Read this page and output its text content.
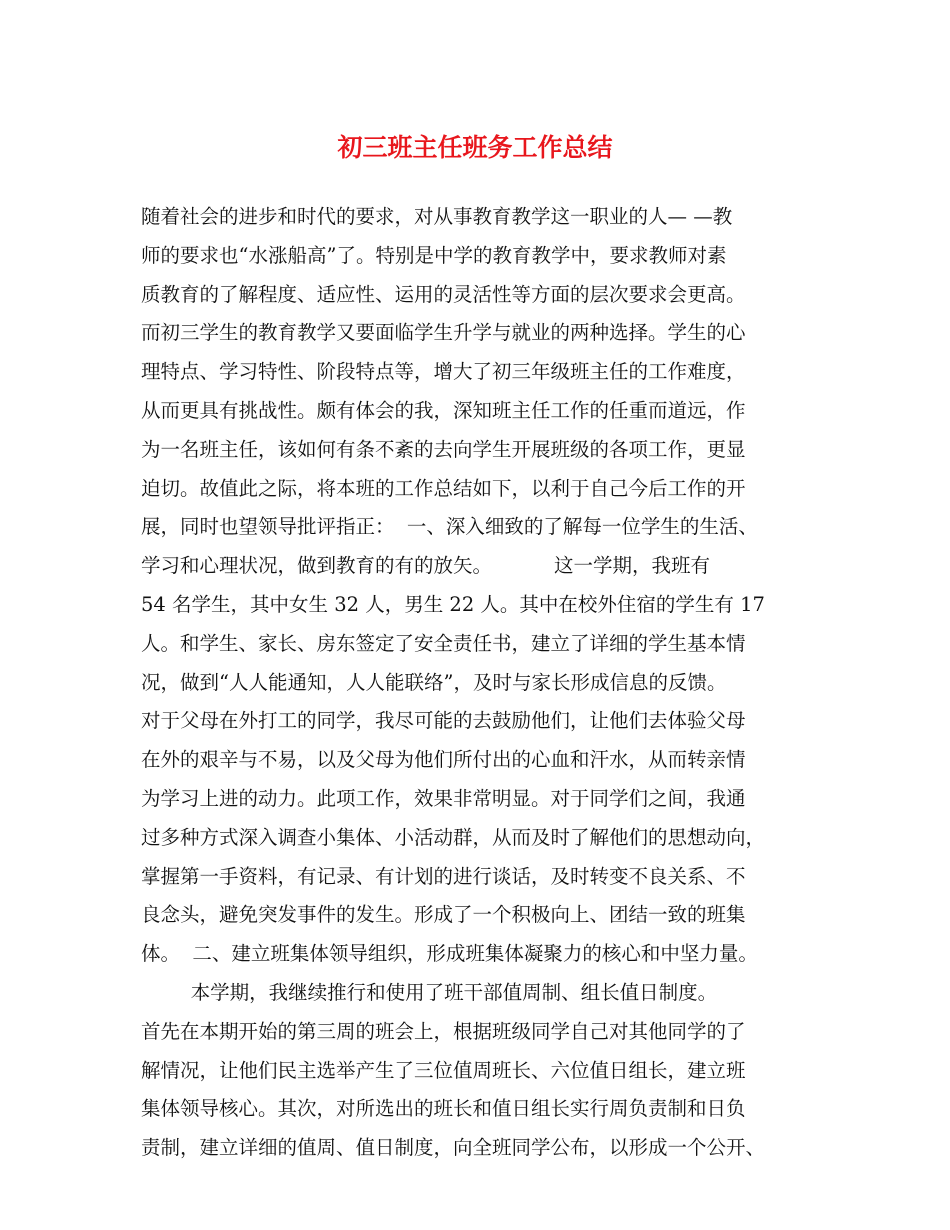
初三班主任班务工作总结
随着社会的进步和时代的要求，对从事教育教学这一职业的人— —教
师的要求也“水涨船高”了。特别是中学的教育教学中，要求教师对素
质教育的了解程度、适应性、运用的灵活性等方面的层次要求会更高。
而初三学生的教育教学又要面临学生升学与就业的两种选择。学生的心
理特点、学习特性、阶段特点等，增大了初三年级班主任的工作难度，
从而更具有挑战性。颇有体会的我，深知班主任工作的任重而道远，作
为一名班主任，该如何有条不紊的去向学生开展班级的各项工作，更显
迫切。故值此之际，将本班的工作总结如下，以利于自己今后工作的开
展，同时也望领导批评指正：  一、深入细致的了解每一位学生的生活、
学习和心理状况，做到教育的有的放矢。          这一学期，我班有
54 名学生，其中女生 32 人，男生 22 人。其中在校外住宿的学生有 17
人。和学生、家长、房东签定了安全责任书，建立了详细的学生基本情
况，做到“人人能通知，人人能联络”，及时与家长形成信息的反馈。
对于父母在外打工的同学，我尽可能的去鼓励他们，让他们去体验父母
在外的艰辛与不易，以及父母为他们所付出的心血和汗水，从而转亲情
为学习上进的动力。此项工作，效果非常明显。对于同学们之间，我通
过多种方式深入调查小集体、小活动群，从而及时了解他们的思想动向，
掌握第一手资料，有记录、有计划的进行谈话，及时转变不良关系、不
良念头，避免突发事件的发生。形成了一个积极向上、团结一致的班集
体。  二、建立班集体领导组织，形成班集体凝聚力的核心和中坚力量。
本学期，我继续推行和使用了班干部值周制、组长值日制度。
首先在本期开始的第三周的班会上，根据班级同学自己对其他同学的了
解情况，让他们民主选举产生了三位值周班长、六位值日组长，建立班
集体领导核心。其次，对所选出的班长和值日组长实行周负责制和日负
责制，建立详细的值周、值日制度，向全班同学公布，以形成一个公开、
